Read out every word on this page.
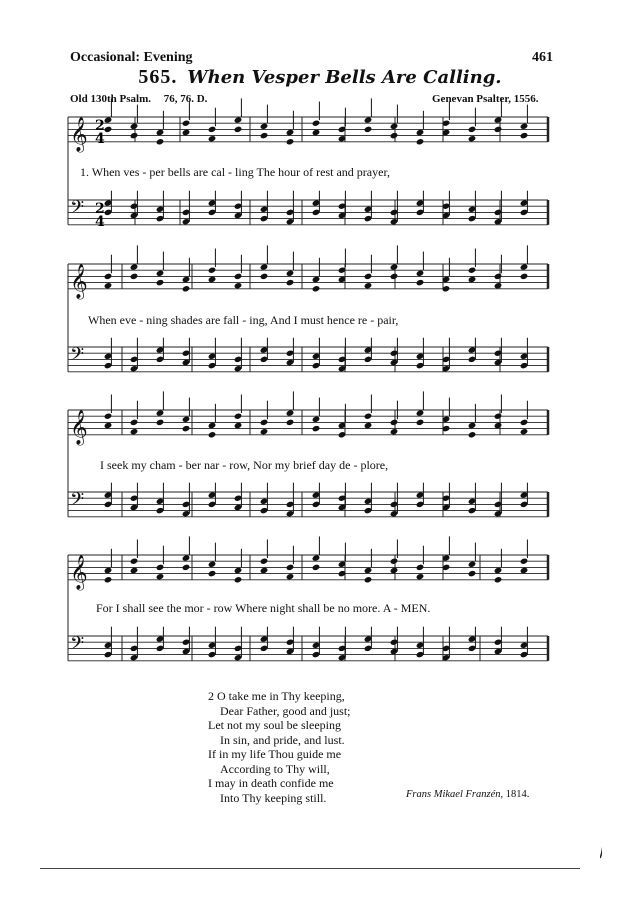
Occasional: Evening	461
565. When Vesper Bells Are Calling.
Old 130th Psalm. 76, 76. D.	Genevan Psalter, 1556.
𝄞
𝄢
𝄞
𝄢
𝄞
𝄢
𝄞
𝄢
2
4
2
4
1. When ves - per bells are cal - ling The hour of rest and prayer,
When eve - ning shades are fall - ing, And I must hence re - pair,
I seek my cham - ber nar - row, Nor my brief day de - plore,
For I shall see the mor - row Where night shall be no more. A - MEN.
2 O take me in Thy keeping,
Dear Father, good and just;
Let not my soul be sleeping
In sin, and pride, and lust.
If in my life Thou guide me
According to Thy will,
I may in death confide me
Into Thy keeping still.	Frans Mikael Franzén, 1814.
